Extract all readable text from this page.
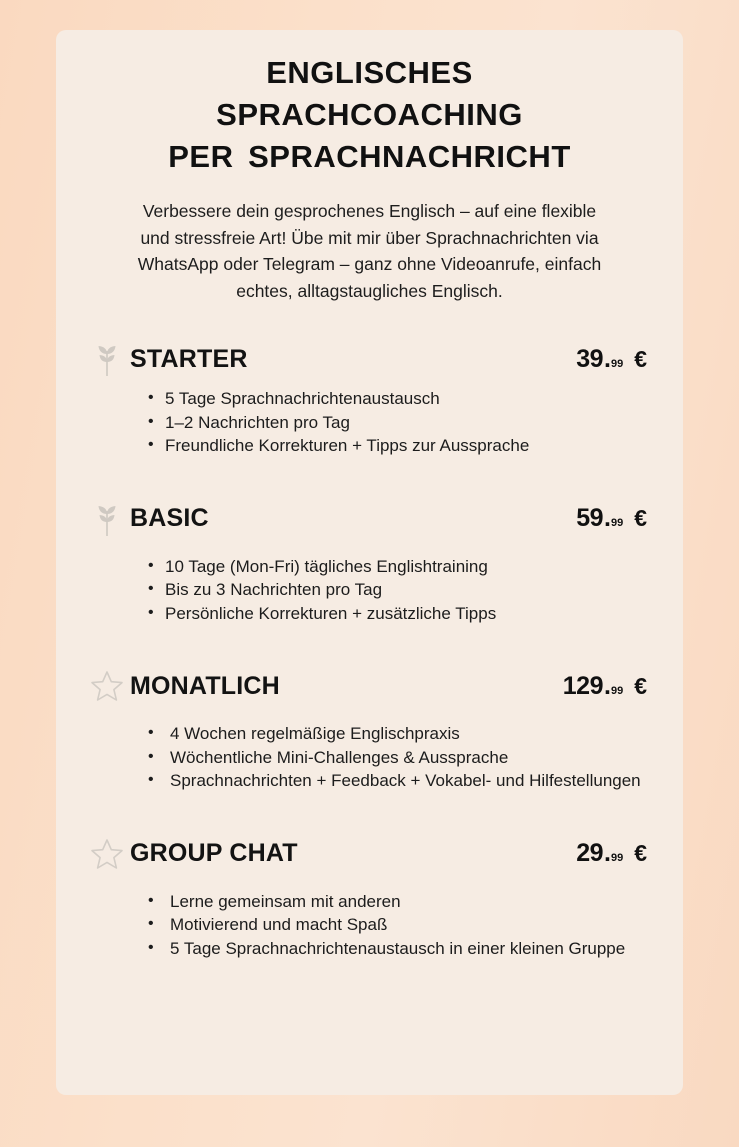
ENGLISCHES
SPRACHCOACHING
PER SPRACHNACHRICHT

Verbessere dein gesprochenes Englisch – auf eine flexible und stressfreie Art! Übe mit mir über Sprachnachrichten via WhatsApp oder Telegram – ganz ohne Videoanrufe, einfach echtes, alltagstaugliches Englisch.

STARTER	39 . 99 €
• 5 Tage Sprachnachrichtenaustausch
• 1–2 Nachrichten pro Tag
• Freundliche Korrekturen + Tipps zur Aussprache
BASIC	59 . 99 €
• 10 Tage (Mon-Fri) tägliches Englishtraining
• Bis zu 3 Nachrichten pro Tag
• Persönliche Korrekturen + zusätzliche Tipps
MONATLICH	129 . 99 €
• 4 Wochen regelmäßige Englischpraxis
• Wöchentliche Mini-Challenges & Aussprache
• Sprachnachrichten + Feedback + Vokabel- und Hilfestellungen
GROUP CHAT	29 . 99 €
• Lerne gemeinsam mit anderen
• Motivierend und macht Spaß
• 5 Tage Sprachnachrichtenaustausch in einer kleinen Gruppe
